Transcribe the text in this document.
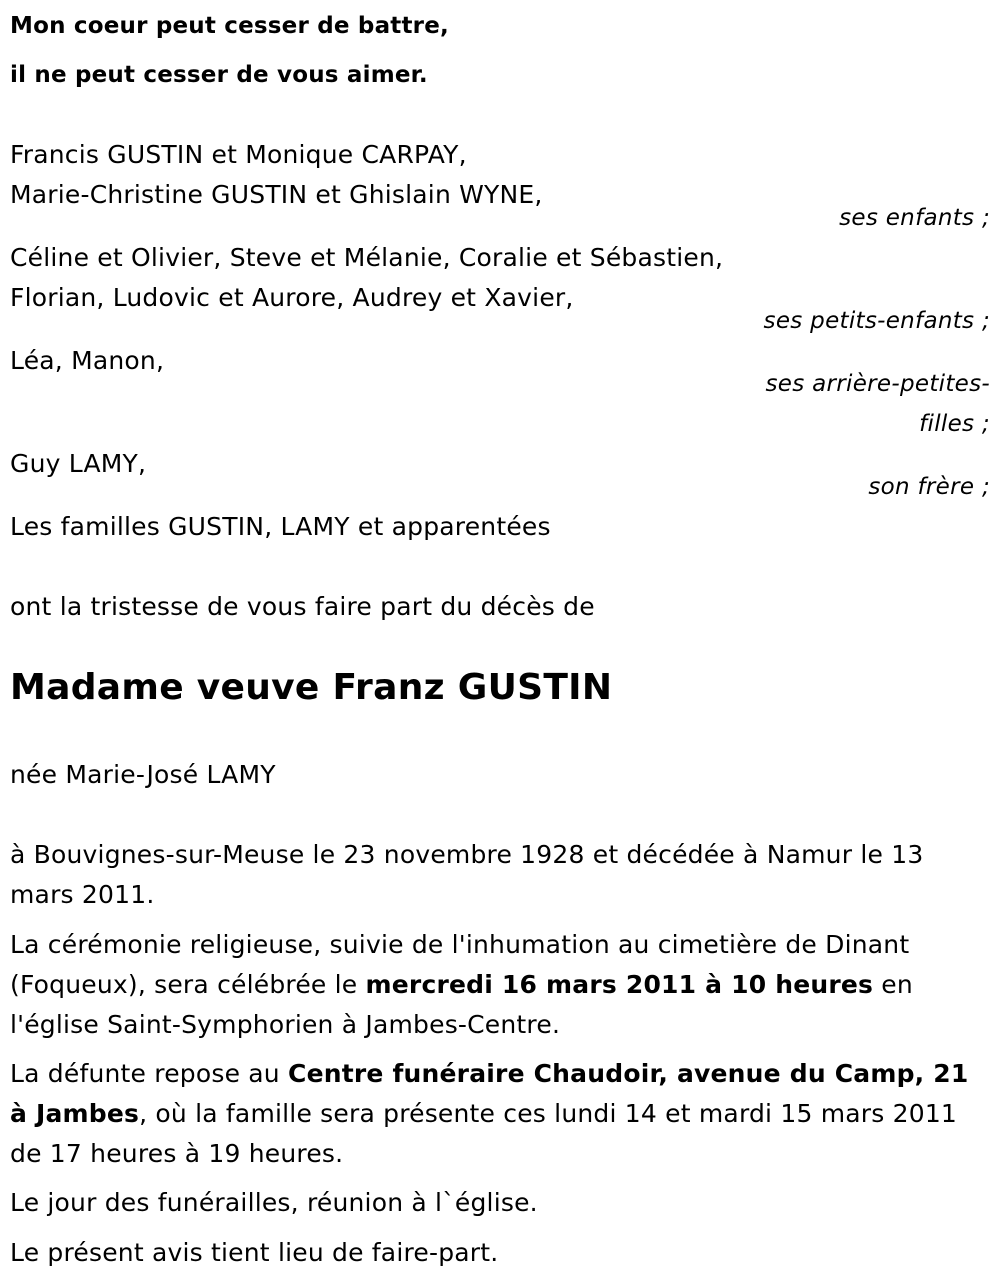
Mon coeur peut cesser de battre,
il ne peut cesser de vous aimer.
Francis GUSTIN et Monique CARPAY,
Marie-Christine GUSTIN et Ghislain WYNE,
ses enfants ;
Céline et Olivier, Steve et Mélanie, Coralie et Sébastien,
Florian, Ludovic et Aurore, Audrey et Xavier,
ses petits-enfants ;
Léa, Manon,
ses arrière-petites-
filles ;
Guy LAMY,
son frère ;
Les familles GUSTIN, LAMY et apparentées
ont la tristesse de vous faire part du décès de
Madame veuve Franz GUSTIN
née Marie-José LAMY
à Bouvignes-sur-Meuse le 23 novembre 1928 et décédée à Namur le 13 mars 2011.
La cérémonie religieuse, suivie de l'inhumation au cimetière de Dinant (Foqueux), sera célébrée le mercredi 16 mars 2011 à 10 heures en l'église Saint-Symphorien à Jambes-Centre.
La défunte repose au Centre funéraire Chaudoir, avenue du Camp, 21 à Jambes, où la famille sera présente ces lundi 14 et mardi 15 mars 2011 de 17 heures à 19 heures.
Le jour des funérailles, réunion à l`église.
Le présent avis tient lieu de faire-part.
